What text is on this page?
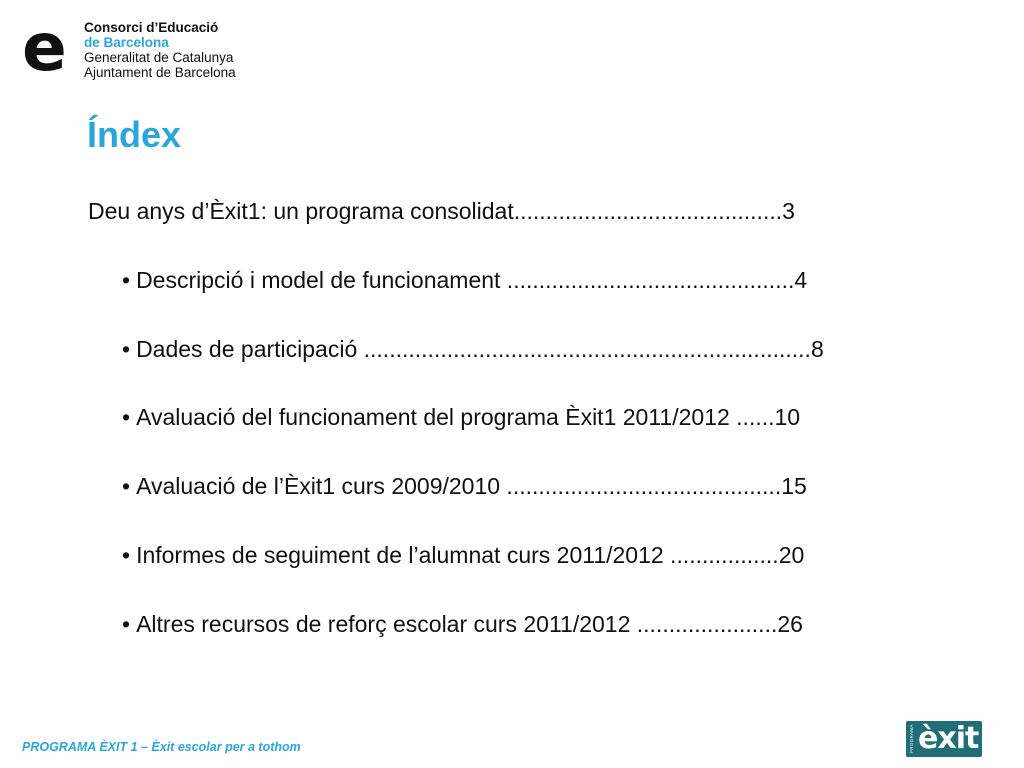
e Consorci d’Educació
de Barcelona
Generalitat de Catalunya
Ajuntament de Barcelona
Índex
Deu anys d’Èxit1: un programa consolidat..........................................3
• Descripció i model de funcionament .............................................4
• Dades de participació ......................................................................8
• Avaluació del funcionament del programa Èxit1 2011/2012 ......10
• Avaluació de l’Èxit1 curs 2009/2010 ...........................................15
• Informes de seguiment de l’alumnat curs 2011/2012 .................20
• Altres recursos de reforç escolar curs 2011/2012 ......................26
PROGRAMA ÈXIT 1 – Èxit escolar per a tothom	PROGRAMA èxit
